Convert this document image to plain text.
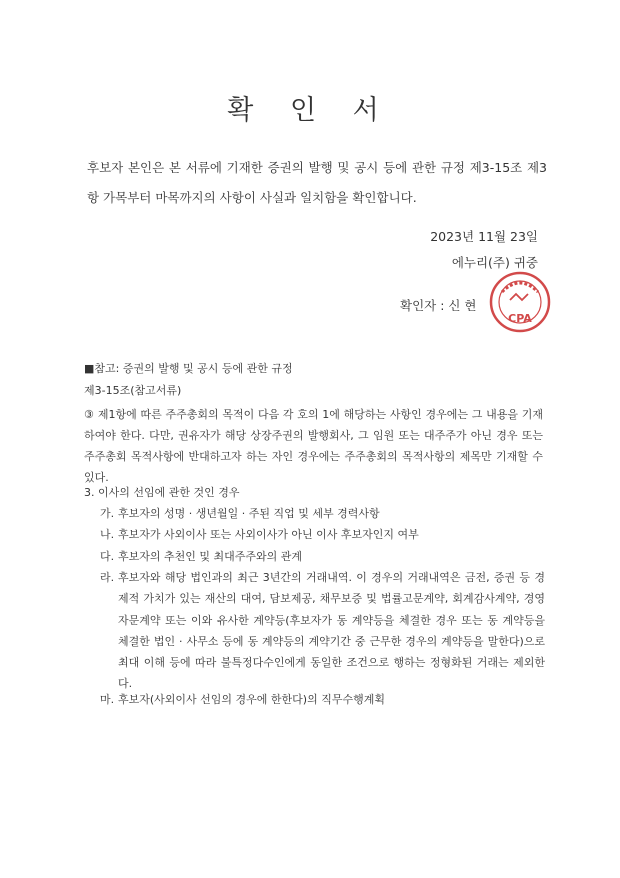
확 인 서
후보자 본인은 본 서류에 기재한 증권의 발행 및 공시 등에 관한 규정 제3-15조 제3항 가목부터 마목까지의 사항이 사실과 일치함을 확인합니다.
2023년 11월 23일
에누리(주) 귀중
확인자 : 신 현
CPA
■참고: 증권의 발행 및 공시 등에 관한 규정
제3-15조(참고서류)
③ 제1항에 따른 주주총회의 목적이 다음 각 호의 1에 해당하는 사항인 경우에는 그 내용을 기재하여야 한다. 다만, 권유자가 해당 상장주권의 발행회사, 그 임원 또는 대주주가 아닌 경우 또는 주주총회 목적사항에 반대하고자 하는 자인 경우에는 주주총회의 목적사항의 제목만 기재할 수 있다.
3. 이사의 선임에 관한 것인 경우
가. 후보자의 성명 · 생년월일 · 주된 직업 및 세부 경력사항
나. 후보자가 사외이사 또는 사외이사가 아닌 이사 후보자인지 여부
다. 후보자의 추천인 및 최대주주와의 관계
라. 후보자와 해당 법인과의 최근 3년간의 거래내역. 이 경우의 거래내역은 금전, 증권 등 경제적 가치가 있는 재산의 대여, 담보제공, 채무보증 및 법률고문계약, 회계감사계약, 경영자문계약 또는 이와 유사한 계약등(후보자가 동 계약등을 체결한 경우 또는 동 계약등을 체결한 법인 · 사무소 등에 동 계약등의 계약기간 중 근무한 경우의 계약등을 말한다)으로 최대 이해 등에 따라 불특정다수인에게 동일한 조건으로 행하는 정형화된 거래는 제외한다.
마. 후보자(사외이사 선임의 경우에 한한다)의 직무수행계획
